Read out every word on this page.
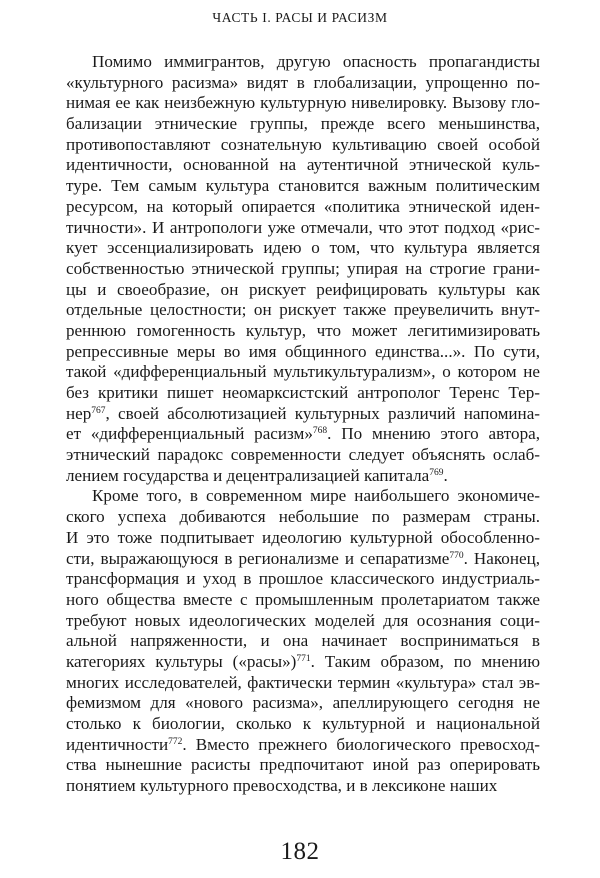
ЧАСТЬ I. РАСЫ И РАСИЗМ
Помимо иммигрантов, другую опасность пропагандисты
«культурного расизма» видят в глобализации, упрощенно по-
нимая ее как неизбежную культурную нивелировку. Вызову гло-
бализации этнические группы, прежде всего меньшинства,
противопоставляют сознательную культивацию своей особой
идентичности, основанной на аутентичной этнической куль-
туре. Тем самым культура становится важным политическим
ресурсом, на который опирается «политика этнической иден-
тичности». И антропологи уже отмечали, что этот подход «рис-
кует эссенциализировать идею о том, что культура является
собственностью этнической группы; упирая на строгие грани-
цы и своеобразие, он рискует реифицировать культуры как
отдельные целостности; он рискует также преувеличить внут-
реннюю гомогенность культур, что может легитимизировать
репрессивные меры во имя общинного единства...». По сути,
такой «дифференциальный мультикультурализм», о котором не
без критики пишет неомарксистский антрополог Теренс Тер-
нер$^{767}$, своей абсолютизацией культурных различий напомина-
ет «дифференциальный расизм»$^{768}$. По мнению этого автора,
этнический парадокс современности следует объяснять ослаб-
лением государства и децентрализацией капитала$^{769}$.
Кроме того, в современном мире наибольшего экономиче-
ского успеха добиваются небольшие по размерам страны.
И это тоже подпитывает идеологию культурной обособленно-
сти, выражающуюся в регионализме и сепаратизме$^{770}$. Наконец,
трансформация и уход в прошлое классического индустриаль-
ного общества вместе с промышленным пролетариатом также
требуют новых идеологических моделей для осознания соци-
альной напряженности, и она начинает восприниматься в
категориях культуры («расы»)$^{771}$. Таким образом, по мнению
многих исследователей, фактически термин «культура» стал эв-
фемизмом для «нового расизма», апеллирующего сегодня не
столько к биологии, сколько к культурной и национальной
идентичности$^{772}$. Вместо прежнего биологического превосход-
ства нынешние расисты предпочитают иной раз оперировать
понятием культурного превосходства, и в лексиконе наших
182
